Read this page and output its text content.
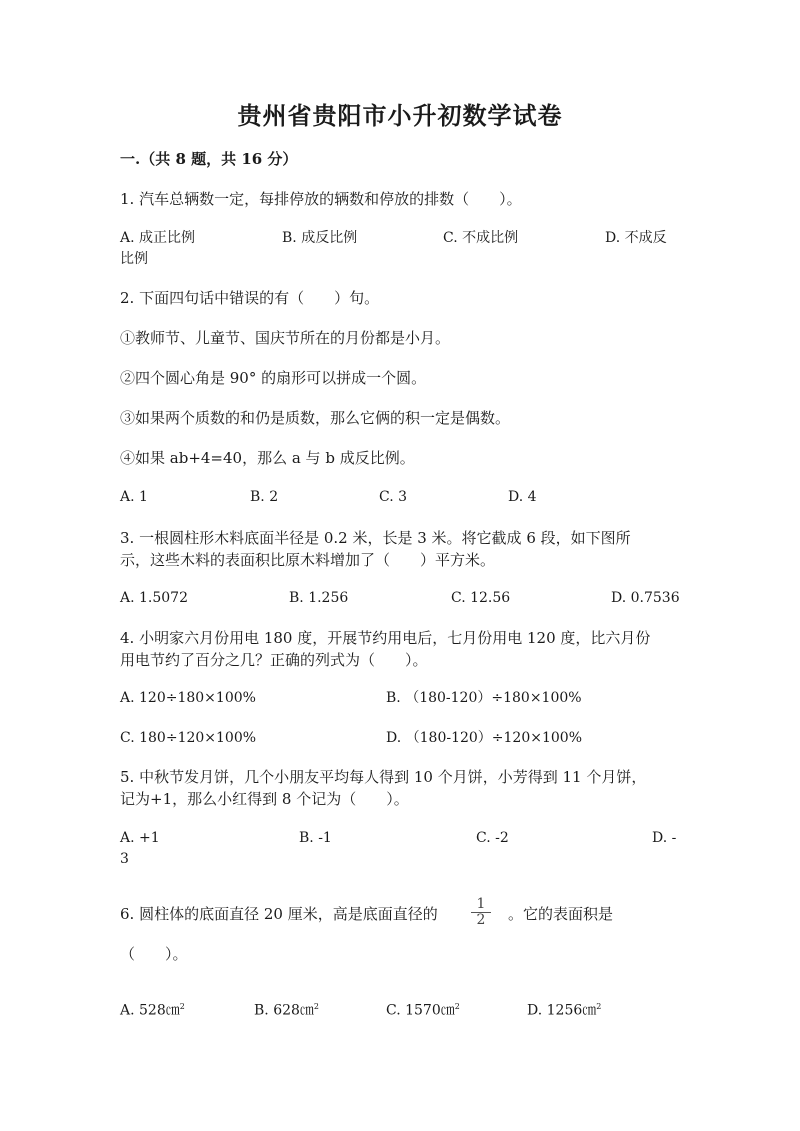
贵州省贵阳市小升初数学试卷
一.（共 8 题，共 16 分）
1. 汽车总辆数一定，每排停放的辆数和停放的排数（　　）。
A. 成正比例	B. 成反比例	C. 不成比例	D. 不成反
比例
2. 下面四句话中错误的有（　　）句。
①教师节、儿童节、国庆节所在的月份都是小月。
②四个圆心角是 90° 的扇形可以拼成一个圆。
③如果两个质数的和仍是质数，那么它俩的积一定是偶数。
④如果 ab+4=40，那么 a 与 b 成反比例。
A. 1	B. 2	C. 3	D. 4
3. 一根圆柱形木料底面半径是 0.2 米，长是 3 米。将它截成 6 段，如下图所
示，这些木料的表面积比原木料增加了（　　）平方米。
A. 1.5072	B. 1.256	C. 12.56	D. 0.7536
4. 小明家六月份用电 180 度，开展节约用电后，七月份用电 120 度，比六月份
用电节约了百分之几？正确的列式为（　　）。
A. 120÷180×100%	B. （180-120）÷180×100%
C. 180÷120×100%	D. （180-120）÷120×100%
5. 中秋节发月饼，几个小朋友平均每人得到 10 个月饼，小芳得到 11 个月饼，
记为+1，那么小红得到 8 个记为（　　）。
A. +1	B. -1	C. -2	D. -
3
6. 圆柱体的底面直径 20 厘米，高是底面直径的	$\frac{1}{2}$ 。它的表面积是
（　　）。
A. 528㎝$^2$	B. 628㎝$^2$	C. 1570㎝$^2$	D. 1256㎝$^2$
